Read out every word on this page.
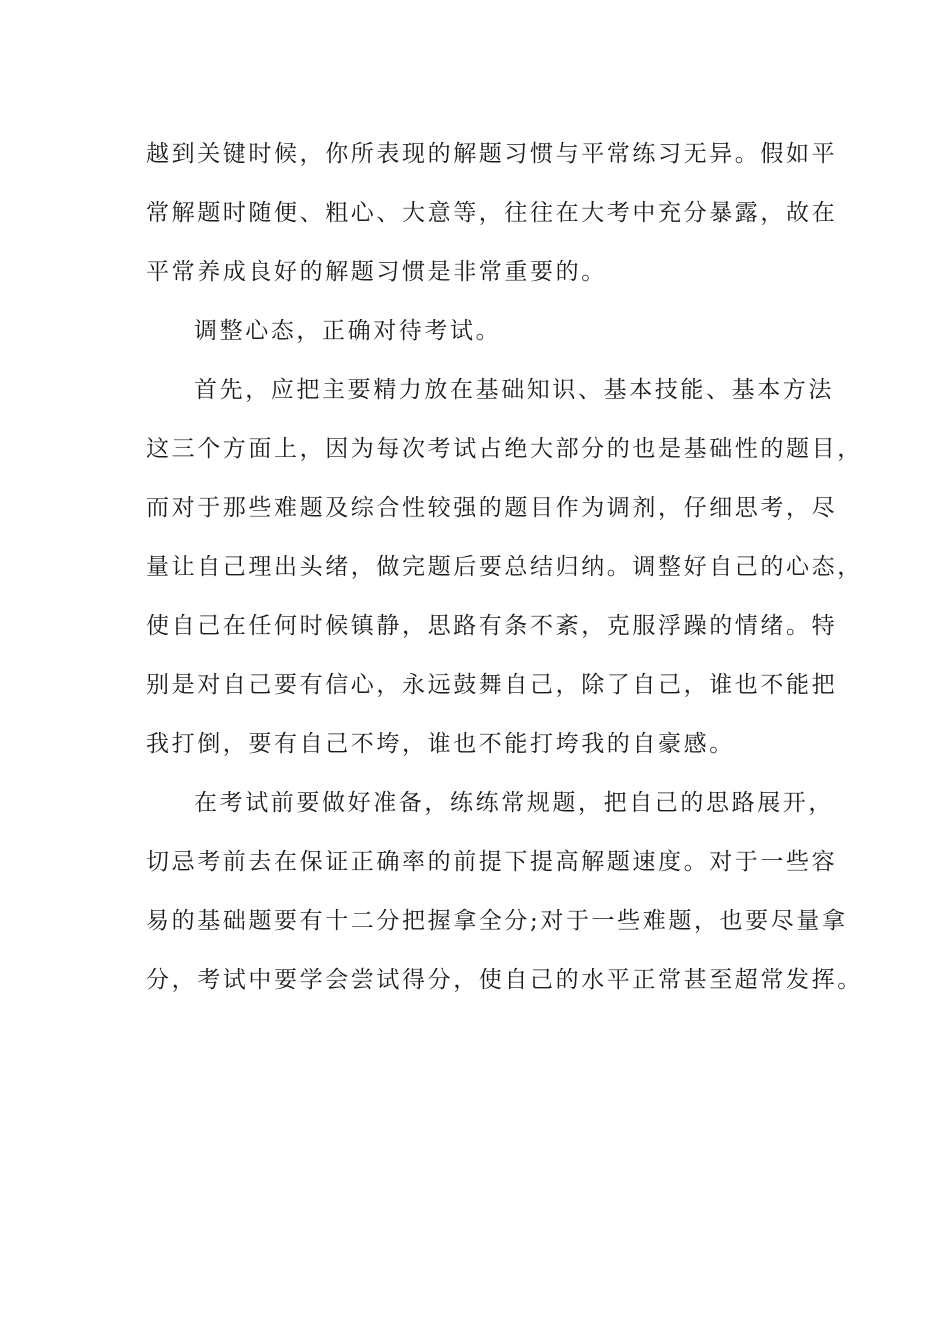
越到关键时候，你所表现的解题习惯与平常练习无异。假如平
常解题时随便、粗心、大意等，往往在大考中充分暴露，故在
平常养成良好的解题习惯是非常重要的。
调整心态，正确对待考试。
首先，应把主要精力放在基础知识、基本技能、基本方法
这三个方面上，因为每次考试占绝大部分的也是基础性的题目，
而对于那些难题及综合性较强的题目作为调剂，仔细思考，尽
量让自己理出头绪，做完题后要总结归纳。调整好自己的心态，
使自己在任何时候镇静，思路有条不紊，克服浮躁的情绪。特
别是对自己要有信心，永远鼓舞自己，除了自己，谁也不能把
我打倒，要有自己不垮，谁也不能打垮我的自豪感。
在考试前要做好准备，练练常规题，把自己的思路展开，
切忌考前去在保证正确率的前提下提高解题速度。对于一些容
易的基础题要有十二分把握拿全分;对于一些难题，也要尽量拿
分，考试中要学会尝试得分，使自己的水平正常甚至超常发挥。
